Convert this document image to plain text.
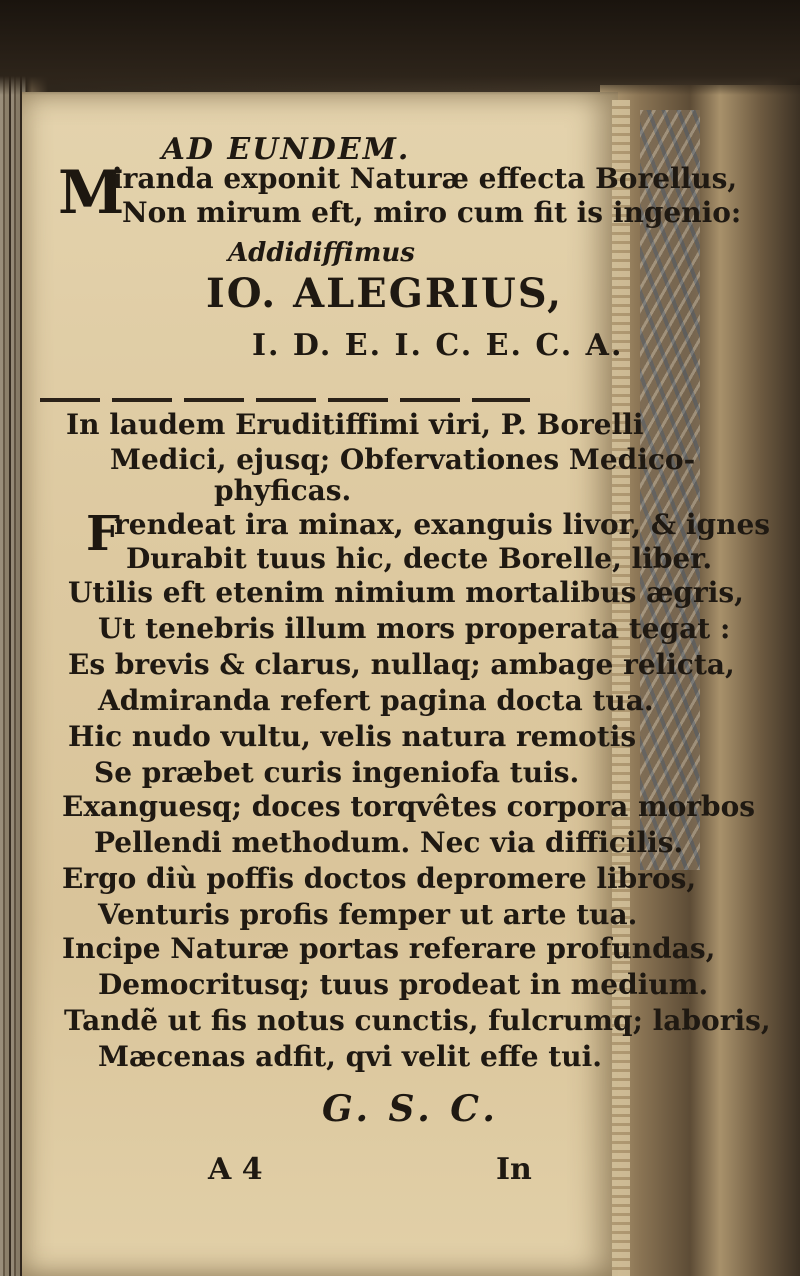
AD EUNDEM.
M
iranda exponit Naturæ effecta Borellus,
Non mirum eft, miro cum fit is ingenio:
Addidiffimus
IO. ALEGRIUS,
I. D. E. I. C. E. C. A.
In laudem Eruditiffimi viri, P. Borelli
Medici, ejusq; Obfervationes Medico-
phyficas.
F
rendeat ira minax, exanguis livor, & ignes
Durabit tuus hic, decte Borelle, liber.
Utilis eft etenim nimium mortalibus ægris,
Ut tenebris illum mors properata tegat :
Es brevis & clarus, nullaq; ambage relicta,
Admiranda refert pagina docta tua.
Hic nudo vultu, velis natura remotis
Se præbet curis ingeniofa tuis.
Exanguesq; doces torqvêtes corpora morbos
Pellendi methodum. Nec via difficilis.
Ergo diù poffis doctos depromere libros,
Venturis profis femper ut arte tua.
Incipe Naturæ portas referare profundas,
Democritusq; tuus prodeat in medium.
Tandẽ ut fis notus cunctis, fulcrumq; laboris,
Mæcenas adfit, qvi velit effe tui.
G. S. C.
A 4	In
